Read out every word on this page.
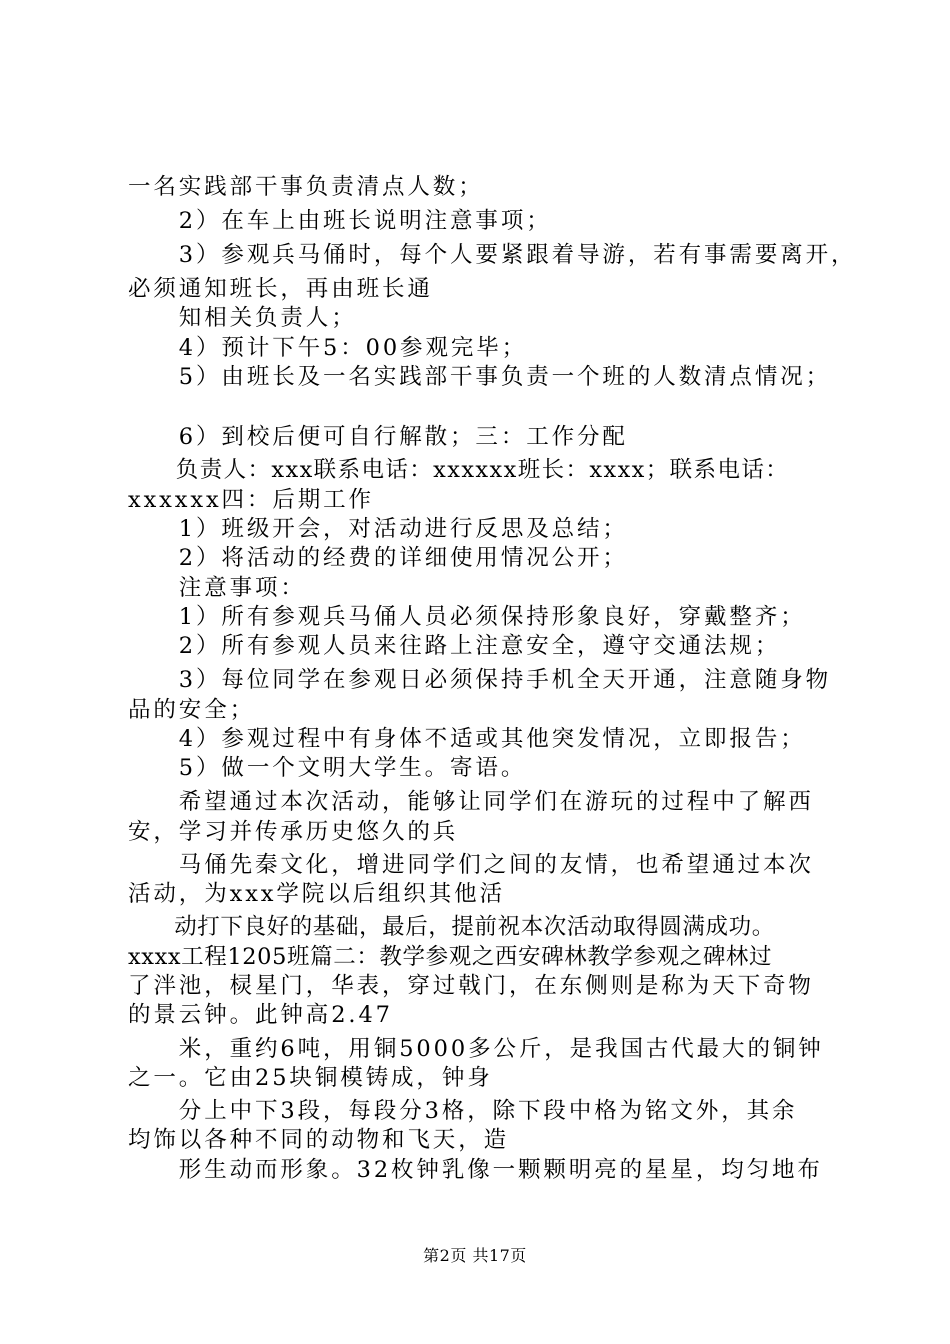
一名实践部干事负责清点人数；
　　2）在车上由班长说明注意事项；
　　3）参观兵马俑时，每个人要紧跟着导游，若有事需要离开，
必须通知班长，再由班长通
　　知相关负责人；
　　4）预计下午5：00参观完毕；
　　5）由班长及一名实践部干事负责一个班的人数清点情况；
　　6）到校后便可自行解散；三：工作分配
　　负责人：xxx联系电话：xxxxxx班长：xxxx；联系电话：
xxxxxx四：后期工作
　　1）班级开会，对活动进行反思及总结；
　　2）将活动的经费的详细使用情况公开；
　　注意事项：
　　1）所有参观兵马俑人员必须保持形象良好，穿戴整齐；
　　2）所有参观人员来往路上注意安全，遵守交通法规；
　　3）每位同学在参观日必须保持手机全天开通，注意随身物
品的安全；
　　4）参观过程中有身体不适或其他突发情况，立即报告；
　　5）做一个文明大学生。寄语。
　　希望通过本次活动，能够让同学们在游玩的过程中了解西
安，学习并传承历史悠久的兵
　　马俑先秦文化，增进同学们之间的友情，也希望通过本次
活动，为xxx学院以后组织其他活
　　动打下良好的基础，最后，提前祝本次活动取得圆满成功。
xxxx工程1205班篇二：教学参观之西安碑林教学参观之碑林过
了泮池，棂星门，华表，穿过戟门，在东侧则是称为天下奇物
的景云钟。此钟高2.47
　　米，重约6吨，用铜5000多公斤，是我国古代最大的铜钟
之一。它由25块铜模铸成，钟身
　　分上中下3段，每段分3格，除下段中格为铭文外，其余
均饰以各种不同的动物和飞天，造
　　形生动而形象。32枚钟乳像一颗颗明亮的星星，均匀地布
第2页 共17页
